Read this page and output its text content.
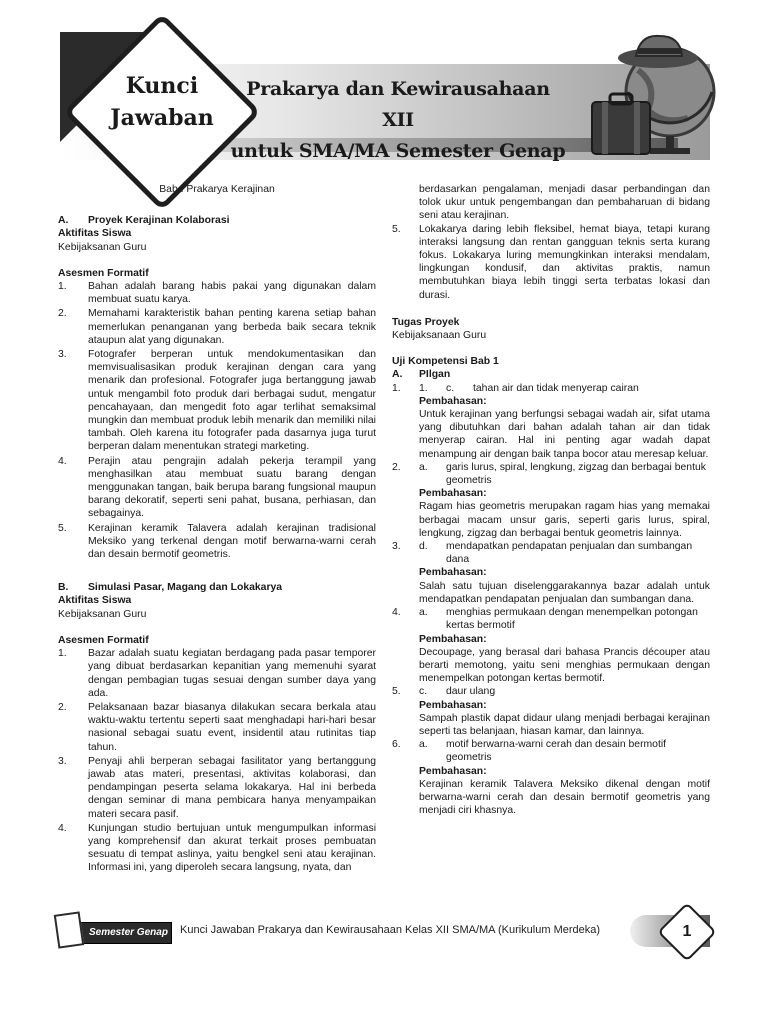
Kunci
Jawaban
Prakarya dan Kewirausahaan XII
untuk SMA/MA Semester Genap
Bab I Prakarya Kerajinan
A.	Proyek Kerajinan Kolaborasi
Aktifitas Siswa
Kebijaksanan Guru
Asesmen Formatif
1.	Bahan adalah barang habis pakai yang digunakan dalam membuat suatu karya.
2.	Memahami karakteristik bahan penting karena setiap bahan memerlukan penanganan yang berbeda baik secara teknik ataupun alat yang digunakan.
3.	Fotografer berperan untuk mendokumentasikan dan memvisualisasikan produk kerajinan dengan cara yang menarik dan profesional. Fotografer juga bertanggung jawab untuk mengambil foto produk dari berbagai sudut, mengatur pencahayaan, dan mengedit foto agar terlihat semaksimal mungkin dan membuat produk lebih menarik dan memiliki nilai tambah. Oleh karena itu fotografer pada dasarnya juga turut berperan dalam menentukan strategi marketing.
4.	Perajin atau pengrajin adalah pekerja terampil yang menghasilkan atau membuat suatu barang dengan menggunakan tangan, baik berupa barang fungsional maupun barang dekoratif, seperti seni pahat, busana, perhiasan, dan sebagainya.
5.	Kerajinan keramik Talavera adalah kerajinan tradisional Meksiko yang terkenal dengan motif berwarna-warni cerah dan desain bermotif geometris.
B.	Simulasi Pasar, Magang dan Lokakarya
Aktifitas Siswa
Kebijaksanan Guru
Asesmen Formatif
1.	Bazar adalah suatu kegiatan berdagang pada pasar temporer yang dibuat berdasarkan kepanitian yang memenuhi syarat dengan pembagian tugas sesuai dengan sumber daya yang ada.
2.	Pelaksanaan bazar biasanya dilakukan secara berkala atau waktu-waktu tertentu seperti saat menghadapi hari-hari besar nasional sebagai suatu event, insidentil atau rutinitas tiap tahun.
3.	Penyaji ahli berperan sebagai fasilitator yang bertanggung jawab atas materi, presentasi, aktivitas kolaborasi, dan pendampingan peserta selama lokakarya. Hal ini berbeda dengan seminar di mana pembicara hanya menyampaikan materi secara pasif.
4.	Kunjungan studio bertujuan untuk mengumpulkan informasi yang komprehensif dan akurat terkait proses pembuatan sesuatu di tempat aslinya, yaitu bengkel seni atau kerajinan. Informasi ini, yang diperoleh secara langsung, nyata, dan
berdasarkan pengalaman, menjadi dasar perbandingan dan tolok ukur untuk pengembangan dan pembaharuan di bidang seni atau kerajinan.
5.	Lokakarya daring lebih fleksibel, hemat biaya, tetapi kurang interaksi langsung dan rentan gangguan teknis serta kurang fokus. Lokakarya luring memungkinkan interaksi mendalam, lingkungan kondusif, dan aktivitas praktis, namun membutuhkan biaya lebih tinggi serta terbatas lokasi dan durasi.
Tugas Proyek
Kebijaksanaan Guru
Uji Kompetensi Bab 1
A.	PIlgan
1.	1.	c.	tahan air dan tidak menyerap cairan
Pembahasan:
Untuk kerajinan yang berfungsi sebagai wadah air, sifat utama yang dibutuhkan dari bahan adalah tahan air dan tidak menyerap cairan. Hal ini penting agar wadah dapat menampung air dengan baik tanpa bocor atau meresap keluar.
2.	a.	garis lurus, spiral, lengkung, zigzag dan berbagai bentuk geometris
Pembahasan:
Ragam hias geometris merupakan ragam hias yang memakai berbagai macam unsur garis, seperti garis lurus, spiral, lengkung, zigzag dan berbagai bentuk geometris lainnya.
3.	d.	mendapatkan pendapatan penjualan dan sumbangan dana
Pembahasan:
Salah satu tujuan diselenggarakannya bazar adalah untuk mendapatkan pendapatan penjualan dan sumbangan dana.
4.	a.	menghias permukaan dengan menempelkan potongan kertas bermotif
Pembahasan:
Decoupage, yang berasal dari bahasa Prancis découper atau berarti memotong, yaitu seni menghias permukaan dengan menempelkan potongan kertas bermotif.
5.	c.	daur ulang
Pembahasan:
Sampah plastik dapat didaur ulang menjadi berbagai kerajinan seperti tas belanjaan, hiasan kamar, dan lainnya.
6.	a.	motif berwarna-warni cerah dan desain bermotif geometris
Pembahasan:
Kerajinan keramik Talavera Meksiko dikenal dengan motif berwarna-warni cerah dan desain bermotif geometris yang menjadi ciri khasnya.
Semester Genap	Kunci Jawaban Prakarya dan Kewirausahaan Kelas XII SMA/MA (Kurikulum Merdeka)	1
